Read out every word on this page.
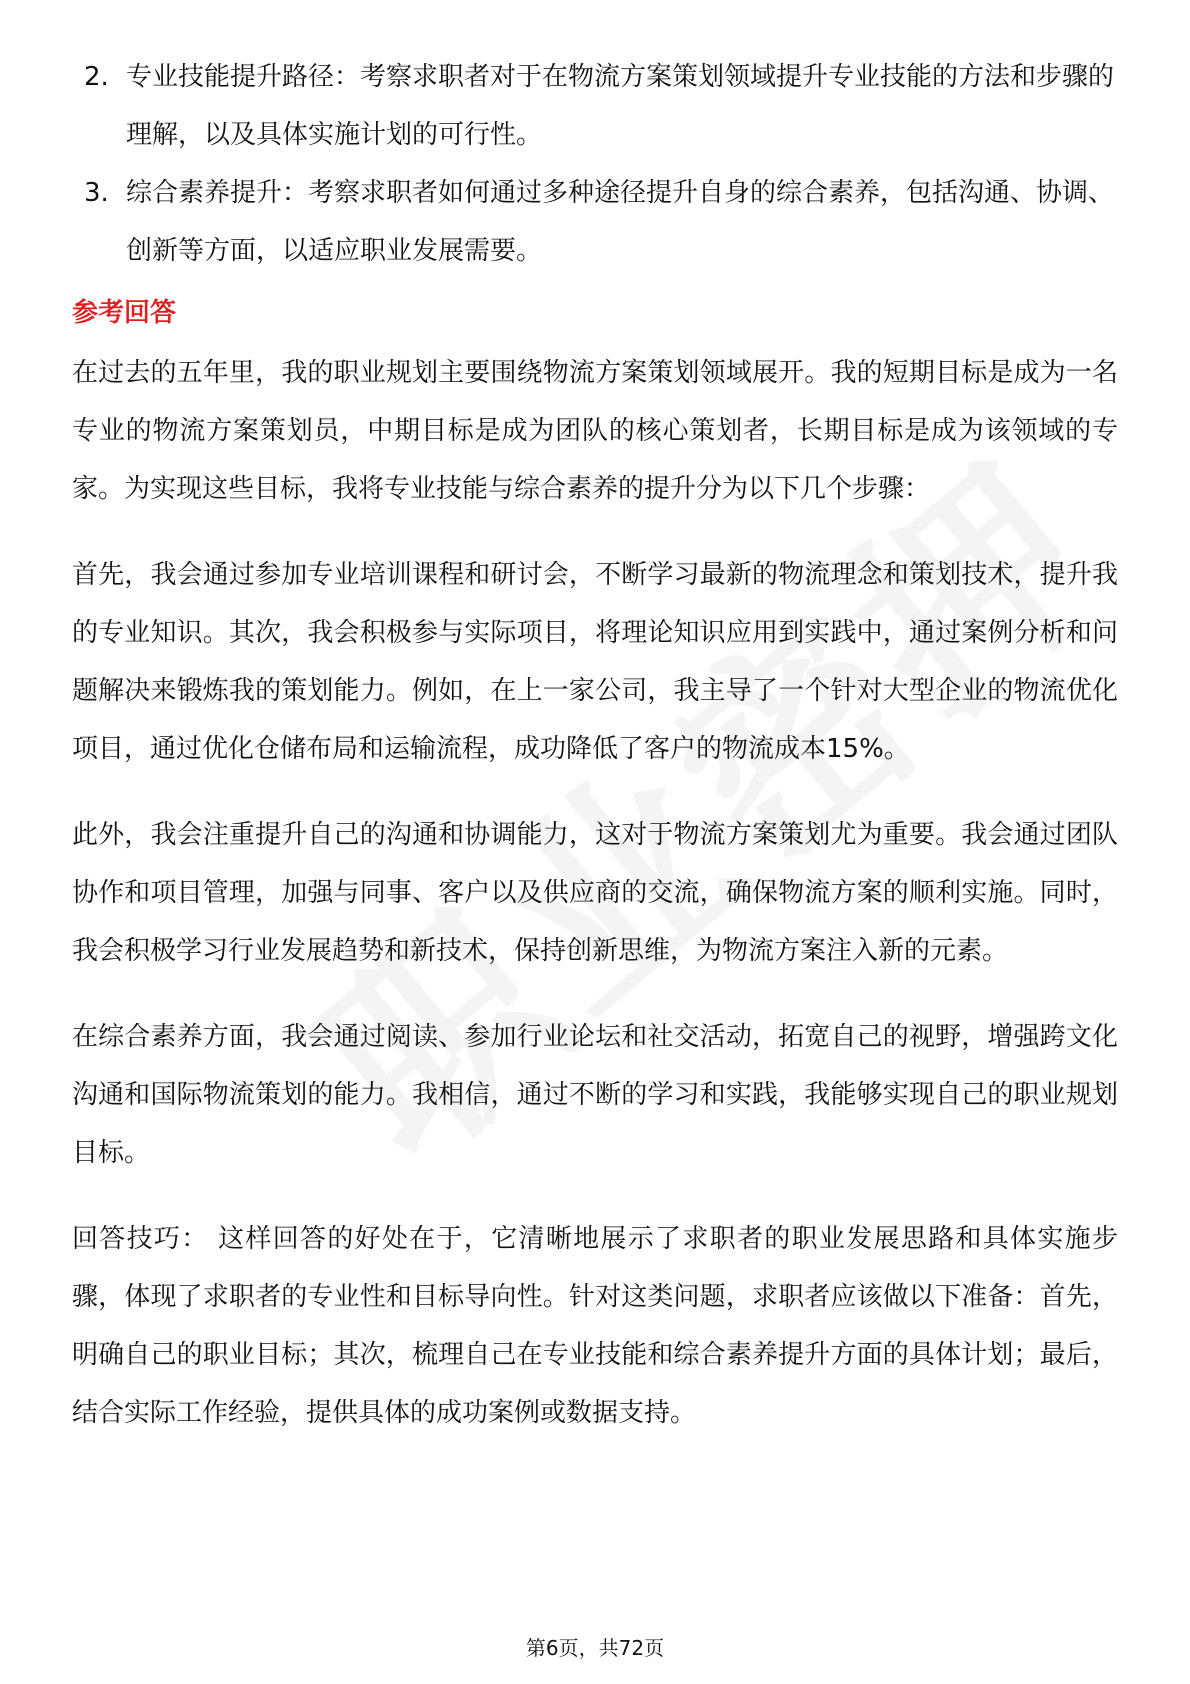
2. 专业技能提升路径：考察求职者对于在物流方案策划领域提升专业技能的方法和步骤的理解，以及具体实施计划的可行性。
3. 综合素养提升：考察求职者如何通过多种途径提升自身的综合素养，包括沟通、协调、创新等方面，以适应职业发展需要。
参考回答

在过去的五年里，我的职业规划主要围绕物流方案策划领域展开。我的短期目标是成为一名专业的物流方案策划员，中期目标是成为团队的核心策划者，长期目标是成为该领域的专家。为实现这些目标，我将专业技能与综合素养的提升分为以下几个步骤：

首先，我会通过参加专业培训课程和研讨会，不断学习最新的物流理念和策划技术，提升我的专业知识。其次，我会积极参与实际项目，将理论知识应用到实践中，通过案例分析和问题解决来锻炼我的策划能力。例如，在上一家公司，我主导了一个针对大型企业的物流优化项目，通过优化仓储布局和运输流程，成功降低了客户的物流成本15%。

此外，我会注重提升自己的沟通和协调能力，这对于物流方案策划尤为重要。我会通过团队协作和项目管理，加强与同事、客户以及供应商的交流，确保物流方案的顺利实施。同时，我会积极学习行业发展趋势和新技术，保持创新思维，为物流方案注入新的元素。

在综合素养方面，我会通过阅读、参加行业论坛和社交活动，拓宽自己的视野，增强跨文化沟通和国际物流策划的能力。我相信，通过不断的学习和实践，我能够实现自己的职业规划目标。

回答技巧： 这样回答的好处在于，它清晰地展示了求职者的职业发展思路和具体实施步骤，体现了求职者的专业性和目标导向性。针对这类问题，求职者应该做以下准备：首先，明确自己的职业目标；其次，梳理自己在专业技能和综合素养提升方面的具体计划；最后，结合实际工作经验，提供具体的成功案例或数据支持。

第6页，共72页
